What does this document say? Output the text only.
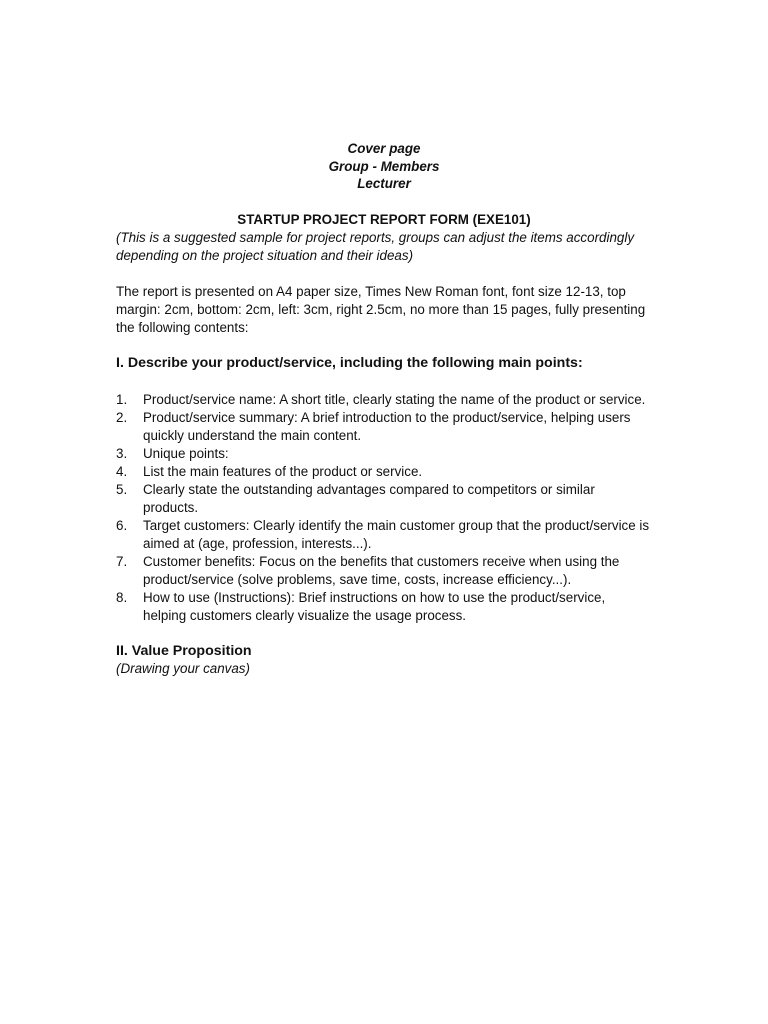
Cover page
Group - Members
Lecturer
STARTUP PROJECT REPORT FORM (EXE101)
(This is a suggested sample for project reports, groups can adjust the items accordingly depending on the project situation and their ideas)
The report is presented on A4 paper size, Times New Roman font, font size 12-13, top margin: 2cm, bottom: 2cm, left: 3cm, right 2.5cm, no more than 15 pages, fully presenting the following contents:
I. Describe your product/service, including the following main points:
1. Product/service name: A short title, clearly stating the name of the product or service.
2. Product/service summary: A brief introduction to the product/service, helping users quickly understand the main content.
3. Unique points:
4. List the main features of the product or service.
5. Clearly state the outstanding advantages compared to competitors or similar products.
6. Target customers: Clearly identify the main customer group that the product/service is aimed at (age, profession, interests...).
7. Customer benefits: Focus on the benefits that customers receive when using the product/service (solve problems, save time, costs, increase efficiency...).
8. How to use (Instructions): Brief instructions on how to use the product/service, helping customers clearly visualize the usage process.
II. Value Proposition
(Drawing your canvas)
